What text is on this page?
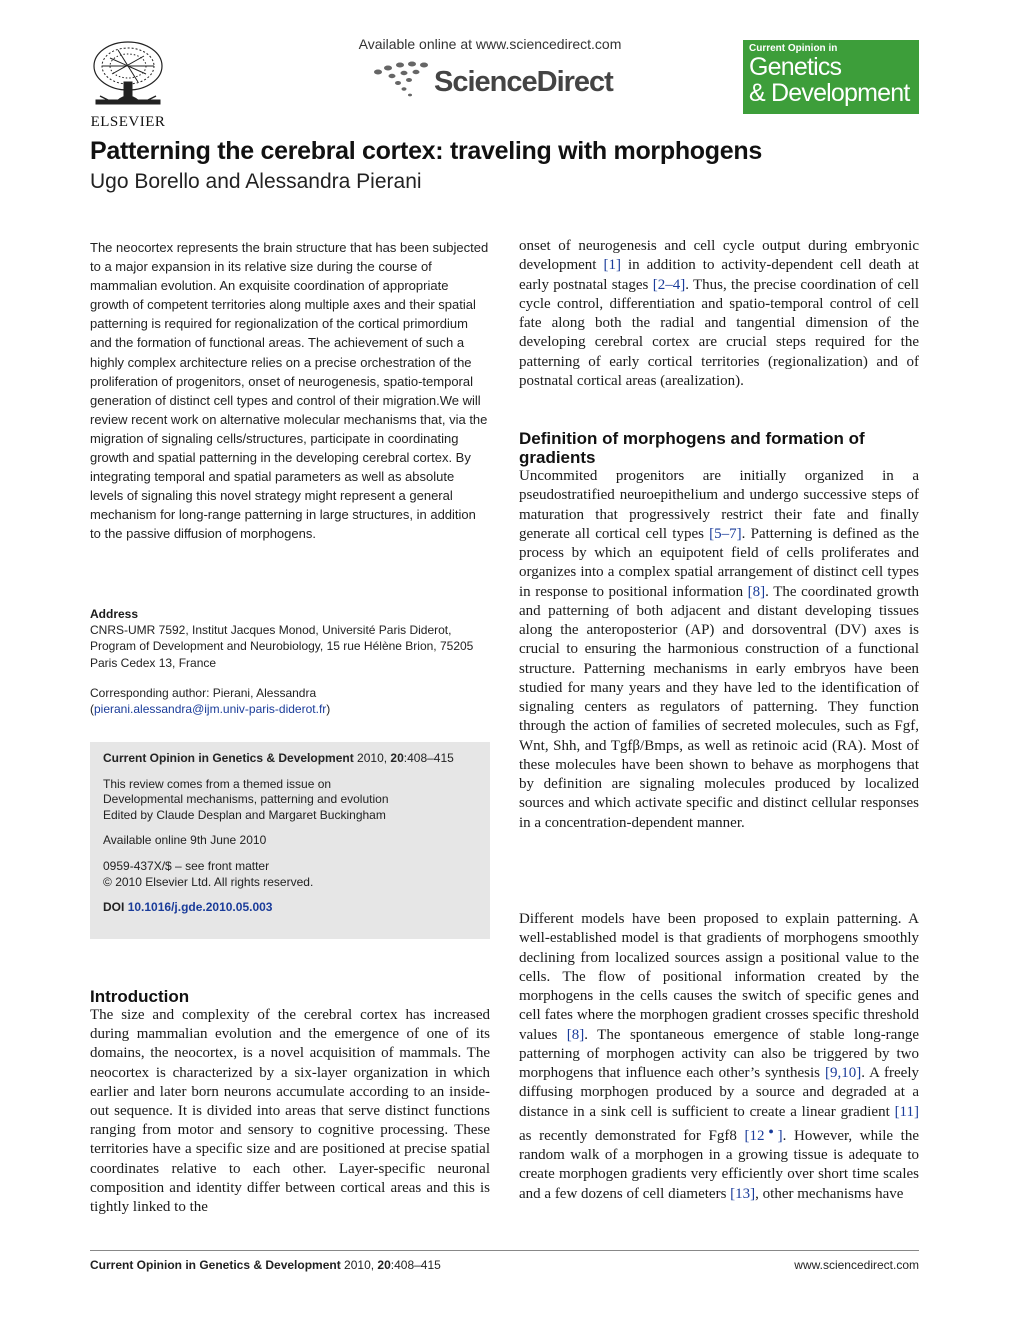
ELSEVIER
Available online at www.sciencedirect.com
ScienceDirect
Current Opinion in
Genetics
& Development
Patterning the cerebral cortex: traveling with morphogens
Ugo Borello and Alessandra Pierani
The neocortex represents the brain structure that has been subjected to a major expansion in its relative size during the course of mammalian evolution. An exquisite coordination of appropriate growth of competent territories along multiple axes and their spatial patterning is required for regionalization of the cortical primordium and the formation of functional areas. The achievement of such a highly complex architecture relies on a precise orchestration of the proliferation of progenitors, onset of neurogenesis, spatio-temporal generation of distinct cell types and control of their migration.We will review recent work on alternative molecular mechanisms that, via the migration of signaling cells/structures, participate in coordinating growth and spatial patterning in the developing cerebral cortex. By integrating temporal and spatial parameters as well as absolute levels of signaling this novel strategy might represent a general mechanism for long-range patterning in large structures, in addition to the passive diffusion of morphogens.
Address
CNRS-UMR 7592, Institut Jacques Monod, Université Paris Diderot,
Program of Development and Neurobiology, 15 rue Hélène Brion, 75205
Paris Cedex 13, France
Corresponding author: Pierani, Alessandra
(pierani.alessandra@ijm.univ-paris-diderot.fr)
Current Opinion in Genetics & Development 2010, 20:408–415
This review comes from a themed issue on
Developmental mechanisms, patterning and evolution
Edited by Claude Desplan and Margaret Buckingham
Available online 9th June 2010
0959-437X/$ – see front matter
© 2010 Elsevier Ltd. All rights reserved.
DOI 10.1016/j.gde.2010.05.003
Introduction
The size and complexity of the cerebral cortex has increased during mammalian evolution and the emergence of one of its domains, the neocortex, is a novel acquisition of mammals. The neocortex is characterized by a six-layer organization in which earlier and later born neurons accumulate according to an inside-out sequence. It is divided into areas that serve distinct functions ranging from motor and sensory to cognitive processing. These territories have a specific size and are positioned at precise spatial coordinates relative to each other. Layer-specific neuronal composition and identity differ between cortical areas and this is tightly linked to the
onset of neurogenesis and cell cycle output during embryonic development [1] in addition to activity-dependent cell death at early postnatal stages [2–4]. Thus, the precise coordination of cell cycle control, differentiation and spatio-temporal control of cell fate along both the radial and tangential dimension of the developing cerebral cortex are crucial steps required for the patterning of early cortical territories (regionalization) and of postnatal cortical areas (arealization).
Definition of morphogens and formation of gradients
Uncommited progenitors are initially organized in a pseudostratified neuroepithelium and undergo successive steps of maturation that progressively restrict their fate and finally generate all cortical cell types [5–7]. Patterning is defined as the process by which an equipotent field of cells proliferates and organizes into a complex spatial arrangement of distinct cell types in response to positional information [8]. The coordinated growth and patterning of both adjacent and distant developing tissues along the anteroposterior (AP) and dorsoventral (DV) axes is crucial to ensuring the harmonious construction of a functional structure. Patterning mechanisms in early embryos have been studied for many years and they have led to the identification of signaling centers as regulators of patterning. They function through the action of families of secreted molecules, such as Fgf, Wnt, Shh, and Tgfβ/Bmps, as well as retinoic acid (RA). Most of these molecules have been shown to behave as morphogens that by definition are signaling molecules produced by localized sources and which activate specific and distinct cellular responses in a concentration-dependent manner.
Different models have been proposed to explain patterning. A well-established model is that gradients of morphogens smoothly declining from localized sources assign a positional value to the cells. The flow of positional information created by the morphogens in the cells causes the switch of specific genes and cell fates where the morphogen gradient crosses specific threshold values [8]. The spontaneous emergence of stable long-range patterning of morphogen activity can also be triggered by two morphogens that influence each other’s synthesis [9,10]. A freely diffusing morphogen produced by a source and degraded at a distance in a sink cell is sufficient to create a linear gradient [11] as recently demonstrated for Fgf8 [12●]. However, while the random walk of a morphogen in a growing tissue is adequate to create morphogen gradients very efficiently over short time scales and a few dozens of cell diameters [13], other mechanisms have
Current Opinion in Genetics & Development 2010, 20:408–415	www.sciencedirect.com
